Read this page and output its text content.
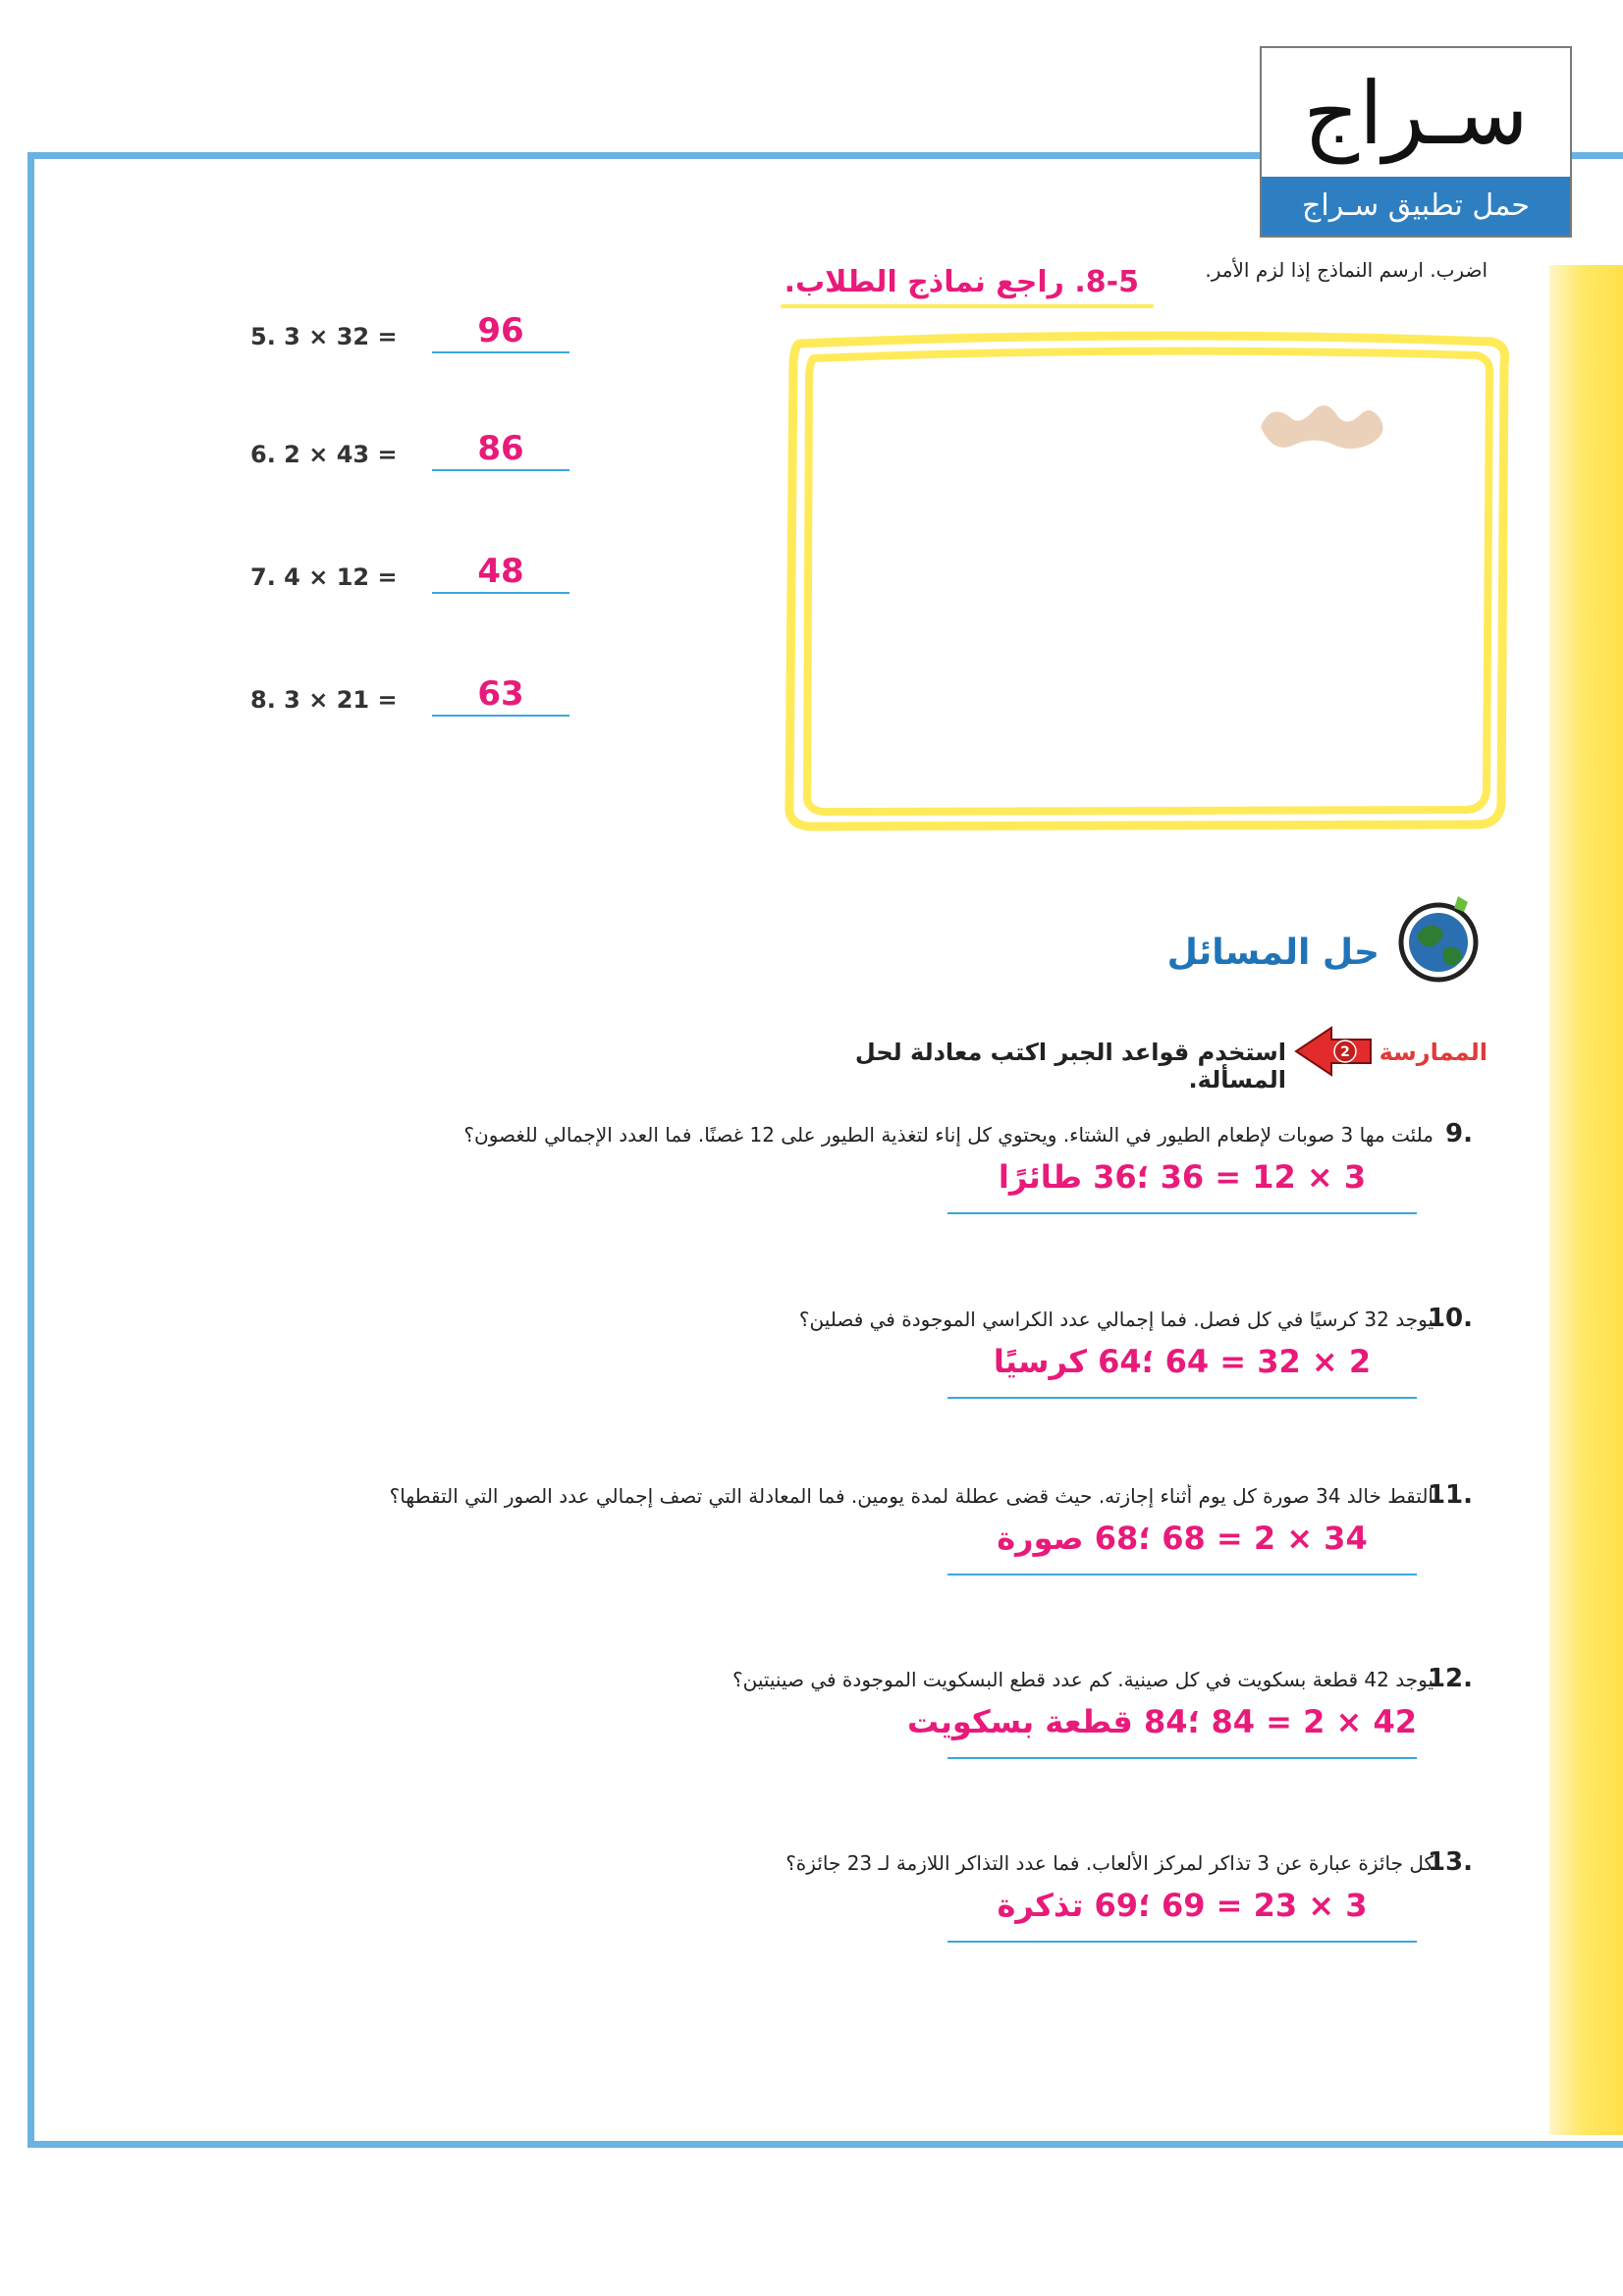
سـراج
حمل تطبيق سـراج
اضرب. ارسم النماذج إذا لزم الأمر.
8-5. راجع نماذج الطلاب.
5. 3 × 32 =	96
6. 2 × 43 =	86
7. 4 × 12 =	48
8. 3 × 21 =	63
حل المسائل
الممارسة
2
استخدم قواعد الجبر اكتب معادلة لحل المسألة.
9.
ملئت مها 3 صوبات لإطعام الطيور في الشتاء. ويحتوي كل إناء لتغذية الطيور على 12 غصنًا. فما العدد الإجمالي للغصون؟
3 × 12 = 36 ؛36 طائرًا
10.
يوجد 32 كرسيًا في كل فصل. فما إجمالي عدد الكراسي الموجودة في فصلين؟
2 × 32 = 64 ؛64 كرسيًا
11.
التقط خالد 34 صورة كل يوم أثناء إجازته. حيث قضى عطلة لمدة يومين. فما المعادلة التي تصف إجمالي عدد الصور التي التقطها؟
34 × 2 = 68 ؛68 صورة
12.
يوجد 42 قطعة بسكويت في كل صينية. كم عدد قطع البسكويت الموجودة في صينيتين؟
42 × 2 = 84 ؛84 قطعة بسكويت
13.
كل جائزة عبارة عن 3 تذاكر لمركز الألعاب. فما عدد التذاكر اللازمة لـ 23 جائزة؟
3 × 23 = 69 ؛69 تذكرة
